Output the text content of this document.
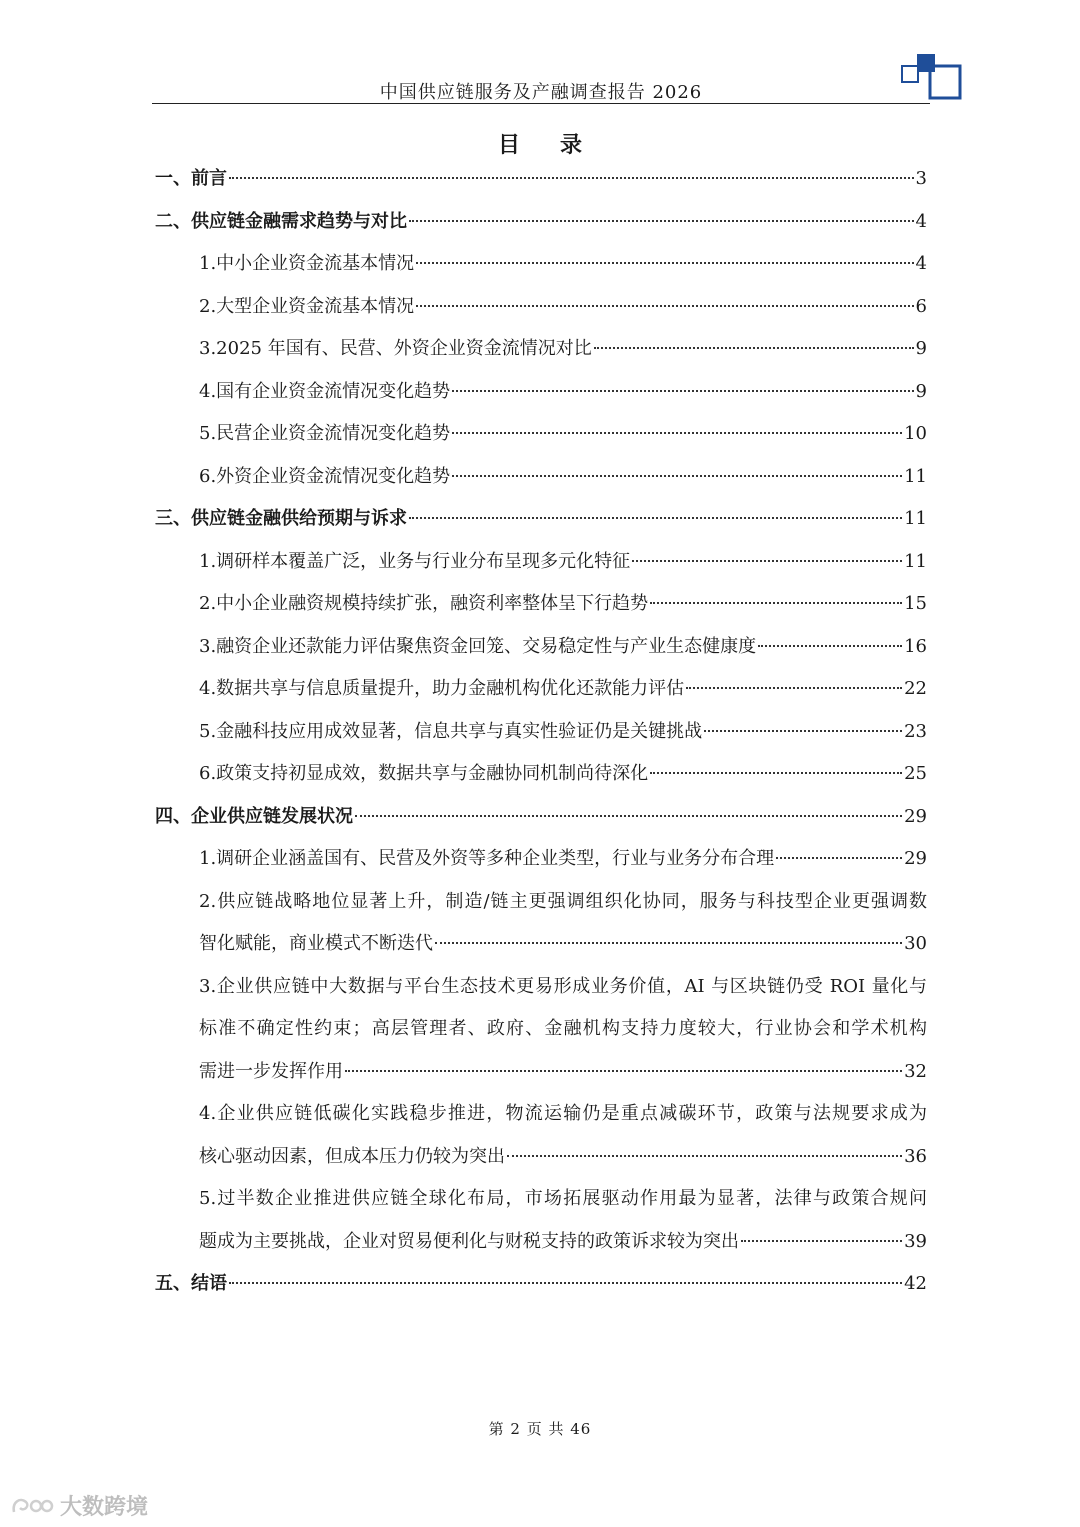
中国供应链服务及产融调查报告 2026
目录
一、前言	3
二、供应链金融需求趋势与对比	4
1.中小企业资金流基本情况	4
2.大型企业资金流基本情况	6
3.2025 年国有、民营、外资企业资金流情况对比	9
4.国有企业资金流情况变化趋势	9
5.民营企业资金流情况变化趋势	10
6.外资企业资金流情况变化趋势	11
三、供应链金融供给预期与诉求	11
1.调研样本覆盖广泛，业务与行业分布呈现多元化特征	11
2.中小企业融资规模持续扩张，融资利率整体呈下行趋势	15
3.融资企业还款能力评估聚焦资金回笼、交易稳定性与产业生态健康度	16
4.数据共享与信息质量提升，助力金融机构优化还款能力评估	22
5.金融科技应用成效显著，信息共享与真实性验证仍是关键挑战	23
6.政策支持初显成效，数据共享与金融协同机制尚待深化	25
四、企业供应链发展状况	29
1.调研企业涵盖国有、民营及外资等多种企业类型，行业与业务分布合理	29
2.供应链战略地位显著上升，制造/链主更强调组织化协同，服务与科技型企业更强调数
智化赋能，商业模式不断迭代	30
3.企业供应链中大数据与平台生态技术更易形成业务价值，AI 与区块链仍受 ROI 量化与
标准不确定性约束；高层管理者、政府、金融机构支持力度较大，行业协会和学术机构
需进一步发挥作用	32
4.企业供应链低碳化实践稳步推进，物流运输仍是重点减碳环节，政策与法规要求成为
核心驱动因素，但成本压力仍较为突出	36
5.过半数企业推进供应链全球化布局，市场拓展驱动作用最为显著，法律与政策合规问
题成为主要挑战，企业对贸易便利化与财税支持的政策诉求较为突出	39
五、结语	42
第 2 页 共 46
大数跨境
